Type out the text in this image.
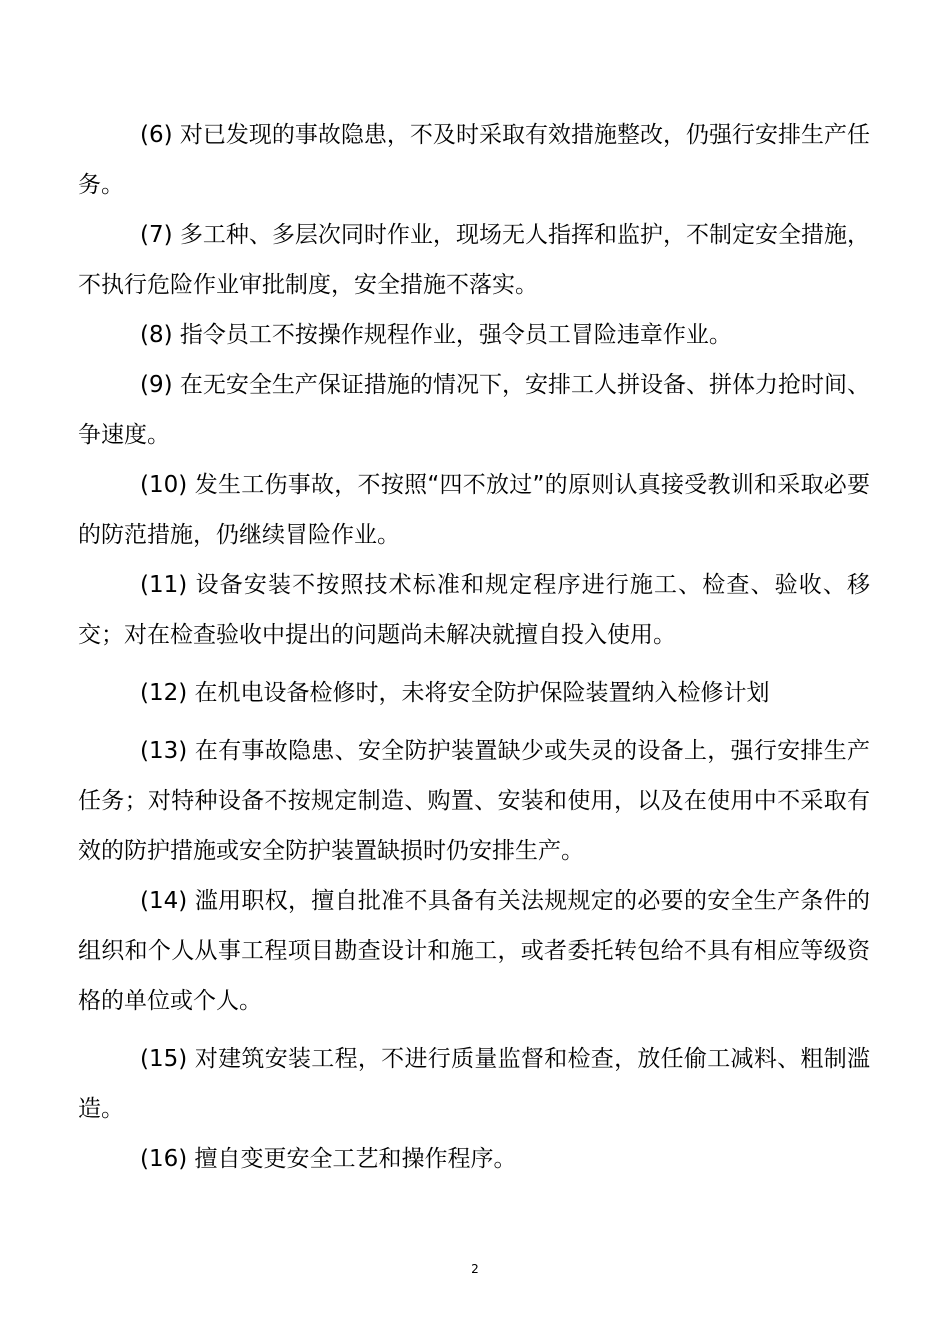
(6) 对已发现的事故隐患，不及时采取有效措施整改，仍强行安排生产任务。

(7) 多工种、多层次同时作业，现场无人指挥和监护，不制定安全措施，不执行危险作业审批制度，安全措施不落实。

(8) 指令员工不按操作规程作业，强令员工冒险违章作业。

(9) 在无安全生产保证措施的情况下，安排工人拼设备、拼体力抢时间、争速度。

(10) 发生工伤事故，不按照“四不放过”的原则认真接受教训和采取必要的防范措施，仍继续冒险作业。

(11) 设备安装不按照技术标准和规定程序进行施工、检查、验收、移交；对在检查验收中提出的问题尚未解决就擅自投入使用。

(12) 在机电设备检修时，未将安全防护保险装置纳入检修计划

(13) 在有事故隐患、安全防护装置缺少或失灵的设备上，强行安排生产任务；对特种设备不按规定制造、购置、安装和使用，以及在使用中不采取有效的防护措施或安全防护装置缺损时仍安排生产。

(14) 滥用职权，擅自批准不具备有关法规规定的必要的安全生产条件的组织和个人从事工程项目勘查设计和施工，或者委托转包给不具有相应等级资格的单位或个人。

(15) 对建筑安装工程，不进行质量监督和检查，放任偷工减料、粗制滥造。

(16) 擅自变更安全工艺和操作程序。

2
